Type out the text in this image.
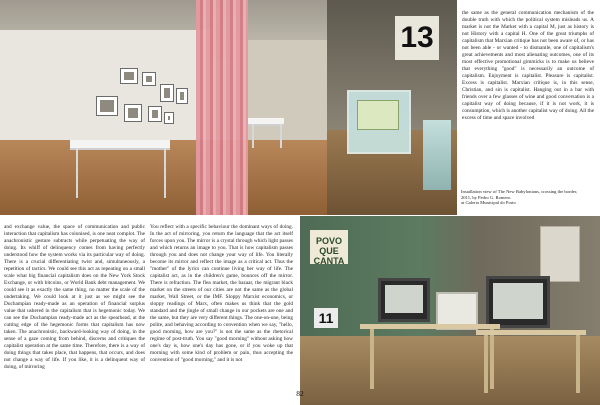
13

the same as the general communication mechanism of the double truth with which the political system misleads us. A market is not the Market with a capital M, just as history is not History with a capital H. One of the great triumphs of capitalism that Marxian critique has not been aware of, or has not been able - or wanted - to dismantle, one of capitalism's great achievements and most alienating outcomes, one of its most effective promotional gimmicks is to make us believe that everything "good" is necessarily an outcome of capitalism. Enjoyment is capitalist. Pleasure is capitalist. Excess is capitalist. Marxian critique is, in this sense, Christian, and sin is capitalist. Hanging out in a bar with friends over a few glasses of wine and good conversation is a capitalist way of doing because, if it is not work, it is consumption, which is another capitalist way of doing. All the excess of time and space involved

Installation view of The New Babylonians, crossing the border,
2011, by Pedro G. Romero.
at Galeria Municipal do Porto

and exchange value, the space of communication and public interaction that capitalism has colonised, is one neat complot. The anachronistic gesture subtracts while perpetuating the way of doing. Its whiff of delinquency comes from having perfectly understood how the system works via its particular way of doing. There is a crucial differentiating twist and, simultaneously, a repetition of tactics. We could see this act as repeating on a small scale what big financial capitalism does on the New York Stock Exchange, or with bitcoins, or World Bank debt management. We could see it as exactly the same thing, no matter the scale of the undertaking. We could look at it just as we might see the Duchampian ready-made as an operation of financial surplus value that ushered in the capitalism that is hegemonic today. We can see the Duchampian ready-made act as the spearhead, at the cutting edge of the hegemonic forms that capitalism has now taken. The anachronistic, backward-looking way of doing, in the sense of a gaze coming from behind, discerns and critiques the capitalist operation at the same time. Therefore, there is a way of doing things that takes place, that happens, that occurs, and does not change a way of life. If you like, it is a delinquent way of doing, of mirroring

You reflect with a specific behaviour the dominant ways of doing. In the act of mirroring, you return the language that the act itself forces upon you. The mirror is a crystal through which light passes and which returns an image to you. That is how capitalism passes through you and does not change your way of life. You literally become its mirror and reflect the image as a critical act. Thus the "mother" of the lyrics can continue living her way of life. The capitalist act, as in the children's game, bounces off the mirror. There is refraction. The flea market, the bazaar, the migrant black market on the streets of our cities are not the same as the global market, Wall Street, or the IMF. Sloppy Marxist economics, or sloppy readings of Marx, often makes us think that the gold standard and the jingle of small change in our pockets are one and the same, but they are very different things. The one-on-one, being polite, and behaving according to convention when we say, "hello, good morning, how are you?" is not the same as the rhetorical regime of post-truth. You say "good morning" without asking how one's day is, how one's day has gone, or if you woke up that morning with some kind of problem or pain, thus accepting the convention of "good morning," and it is not

POVO QUE CANTA
11
82
